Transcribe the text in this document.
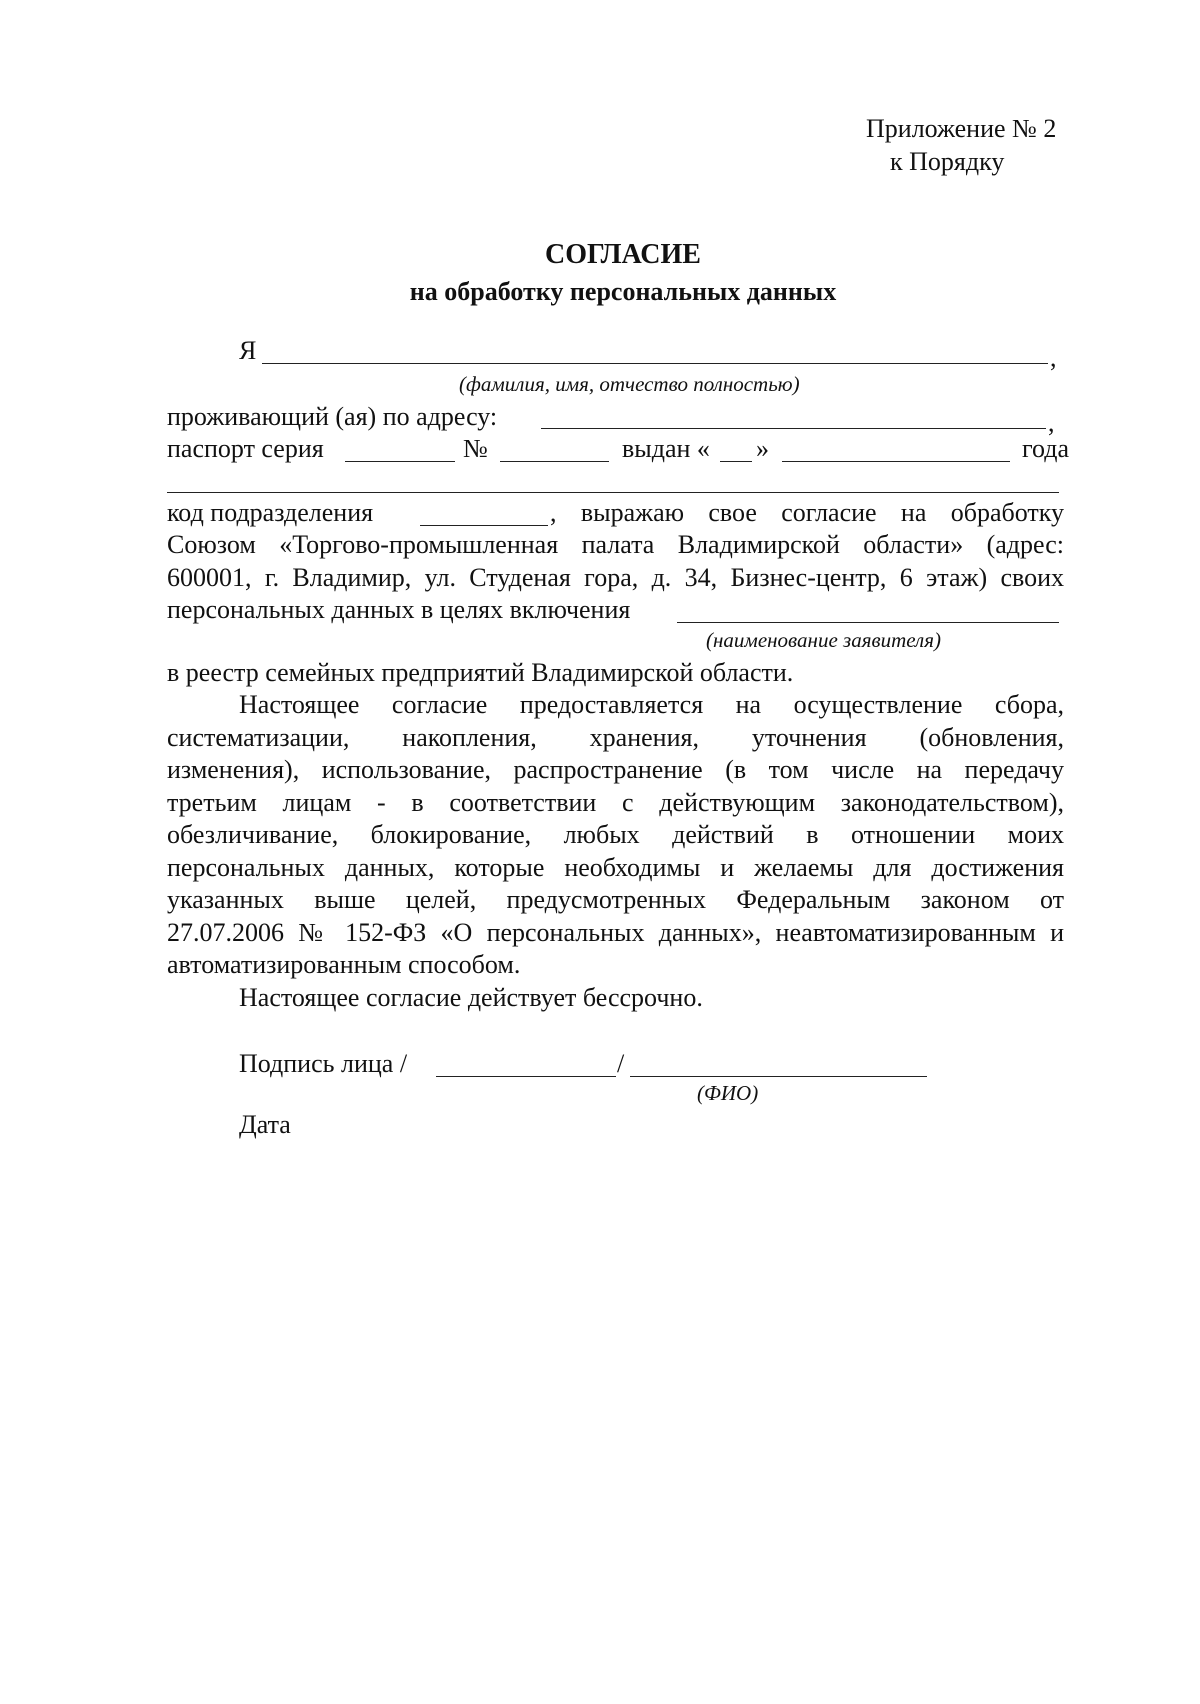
Приложение № 2
к Порядку
СОГЛАСИЕ
на обработку персональных данных
Я	,
(фамилия, имя, отчество полностью)
проживающий (ая) по адресу:	,
паспорт серия	№	выдан « »	года
код подразделения	, выражаю свое согласие на обработку
Союзом «Торгово-промышленная палата Владимирской области» (адрес:
600001, г. Владимир, ул. Студеная гора, д. 34, Бизнес-центр, 6 этаж) своих
персональных данных в целях включения
(наименование заявителя)
в реестр семейных предприятий Владимирской области.
Настоящее согласие предоставляется на осуществление сбора,
систематизации, накопления, хранения, уточнения (обновления,
изменения), использование, распространение (в том числе на передачу
третьим лицам - в соответствии с действующим законодательством),
обезличивание, блокирование, любых действий в отношении моих
персональных данных, которые необходимы и желаемы для достижения
указанных выше целей, предусмотренных Федеральным законом от
27.07.2006 № 152-ФЗ «О персональных данных», неавтоматизированным и
автоматизированным способом.
Настоящее согласие действует бессрочно.
Подпись лица /	/
(ФИО)
Дата
